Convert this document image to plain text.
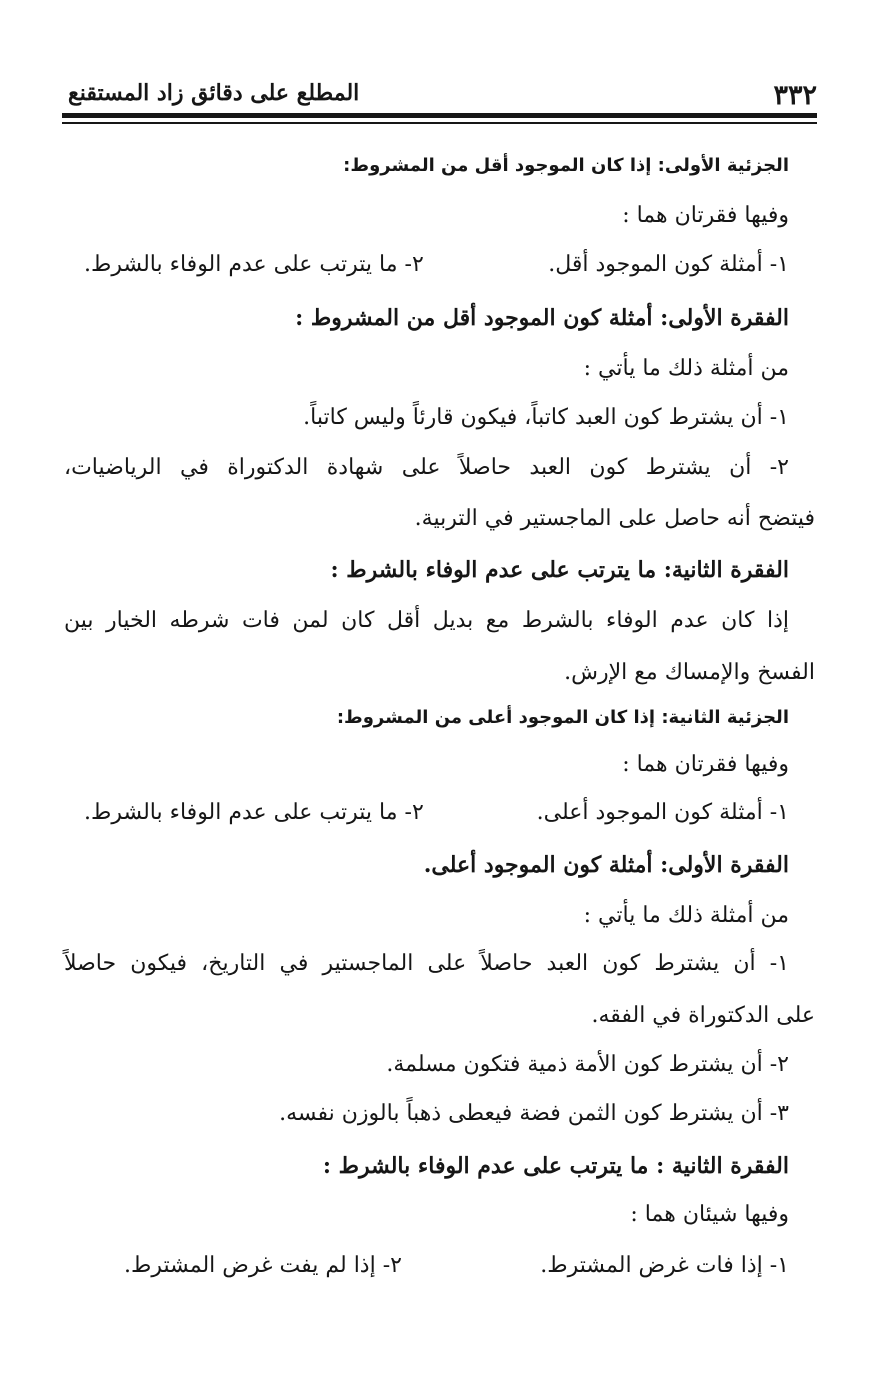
٣٣٢
المطلع على دقائق زاد المستقنع
الجزئية الأولى: إذا كان الموجود أقل من المشروط:
وفيها فقرتان هما :
١- أمثلة كون الموجود أقل.
٢- ما يترتب على عدم الوفاء بالشرط.
الفقرة الأولى: أمثلة كون الموجود أقل من المشروط :
من أمثلة ذلك ما يأتي :
١- أن يشترط كون العبد كاتباً، فيكون قارئاً وليس كاتباً.
٢- أن يشترط كون العبد حاصلاً على شهادة الدكتوراة في الرياضيات،
فيتضح أنه حاصل على الماجستير في التربية.
الفقرة الثانية: ما يترتب على عدم الوفاء بالشرط :
إذا كان عدم الوفاء بالشرط مع بديل أقل كان لمن فات شرطه الخيار بين
الفسخ والإمساك مع الإرش.
الجزئية الثانية: إذا كان الموجود أعلى من المشروط:
وفيها فقرتان هما :
١- أمثلة كون الموجود أعلى.
٢- ما يترتب على عدم الوفاء بالشرط.
الفقرة الأولى: أمثلة كون الموجود أعلى.
من أمثلة ذلك ما يأتي :
١- أن يشترط كون العبد حاصلاً على الماجستير في التاريخ، فيكون حاصلاً
على الدكتوراة في الفقه.
٢- أن يشترط كون الأمة ذمية فتكون مسلمة.
٣- أن يشترط كون الثمن فضة فيعطى ذهباً بالوزن نفسه.
الفقرة الثانية : ما يترتب على عدم الوفاء بالشرط :
وفيها شيئان هما :
١- إذا فات غرض المشترط.
٢- إذا لم يفت غرض المشترط.
